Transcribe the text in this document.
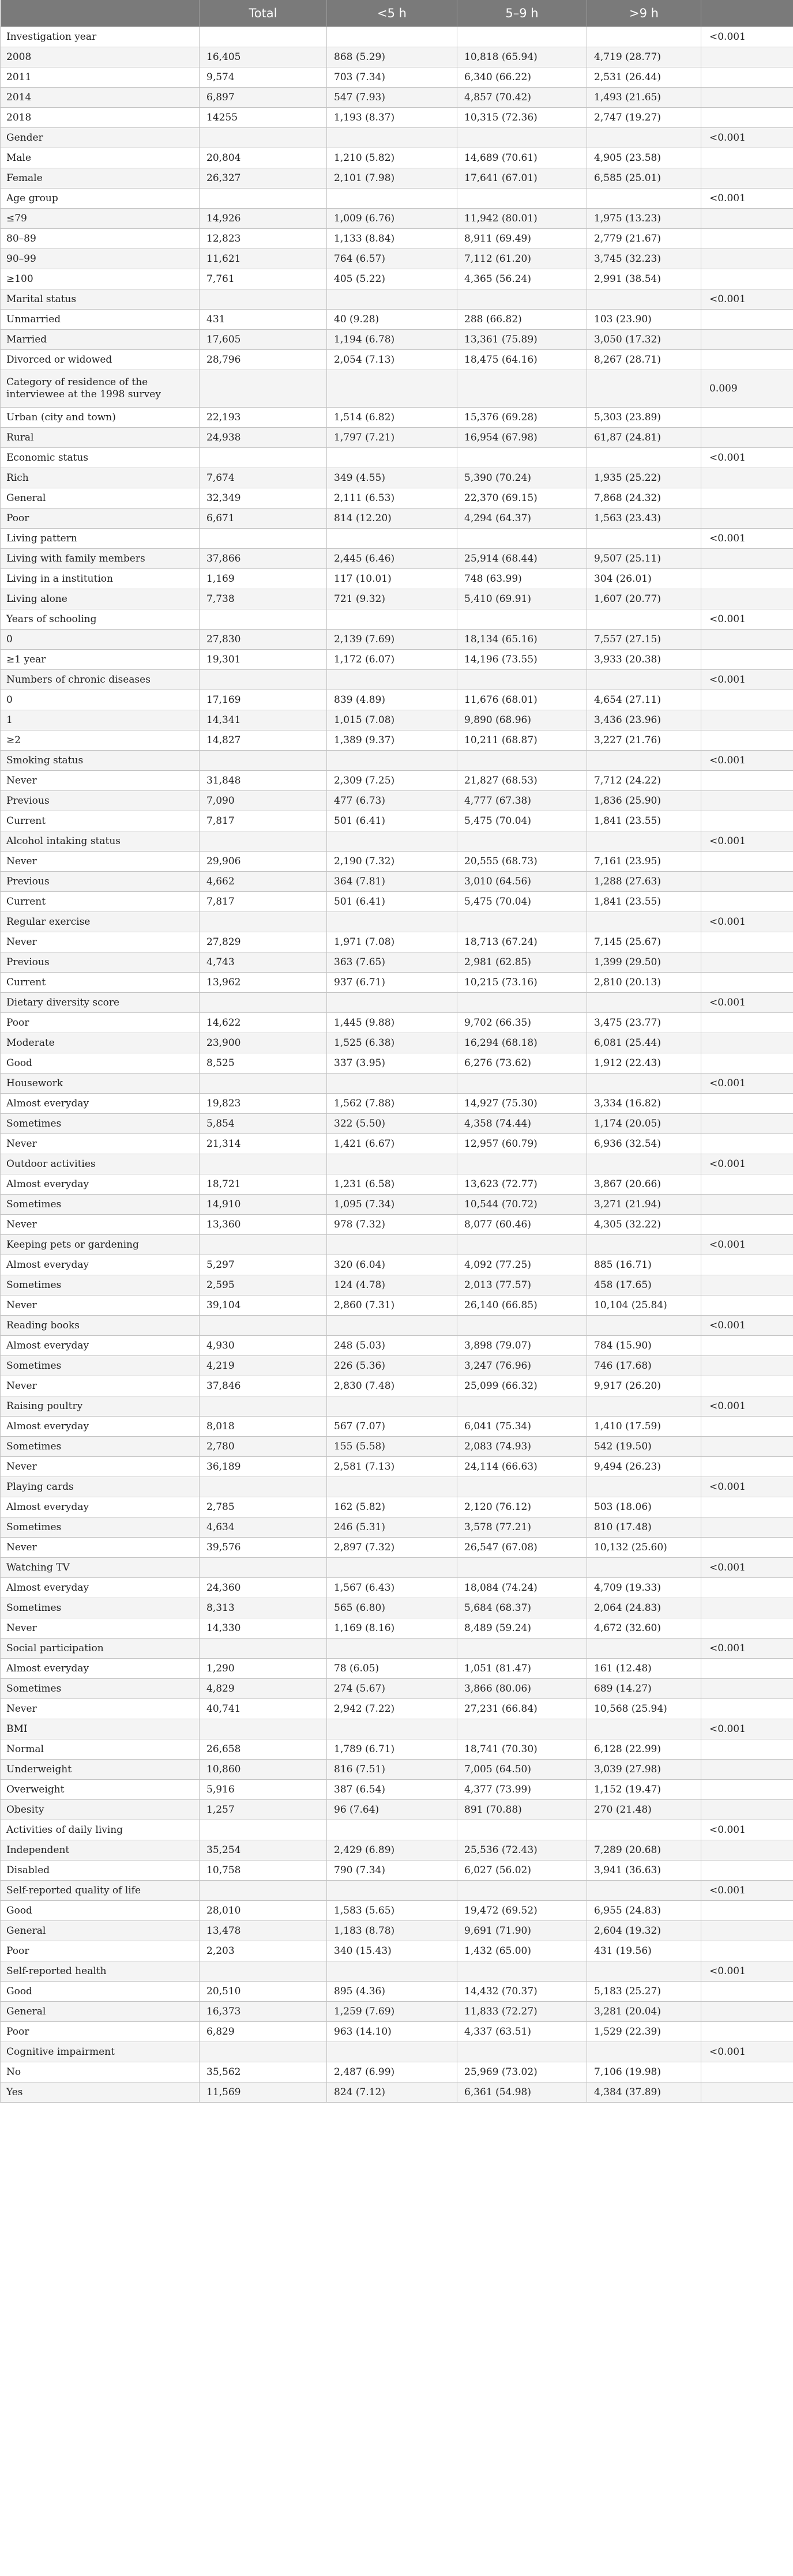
	Total	<5 h	5–9 h	>9 h	
Investigation year					<0.001
2008	16,405	868 (5.29)	10,818 (65.94)	4,719 (28.77)	
2011	9,574	703 (7.34)	6,340 (66.22)	2,531 (26.44)	
2014	6,897	547 (7.93)	4,857 (70.42)	1,493 (21.65)	
2018	14255	1,193 (8.37)	10,315 (72.36)	2,747 (19.27)	
Gender					<0.001
Male	20,804	1,210 (5.82)	14,689 (70.61)	4,905 (23.58)	
Female	26,327	2,101 (7.98)	17,641 (67.01)	6,585 (25.01)	
Age group					<0.001
≤79	14,926	1,009 (6.76)	11,942 (80.01)	1,975 (13.23)	
80–89	12,823	1,133 (8.84)	8,911 (69.49)	2,779 (21.67)	
90–99	11,621	764 (6.57)	7,112 (61.20)	3,745 (32.23)	
≥100	7,761	405 (5.22)	4,365 (56.24)	2,991 (38.54)	
Marital status					<0.001
Unmarried	431	40 (9.28)	288 (66.82)	103 (23.90)	
Married	17,605	1,194 (6.78)	13,361 (75.89)	3,050 (17.32)	
Divorced or widowed	28,796	2,054 (7.13)	18,475 (64.16)	8,267 (28.71)	
Category of residence of the interviewee at the 1998 survey					0.009
Urban (city and town)	22,193	1,514 (6.82)	15,376 (69.28)	5,303 (23.89)	
Rural	24,938	1,797 (7.21)	16,954 (67.98)	61,87 (24.81)	
Economic status					<0.001
Rich	7,674	349 (4.55)	5,390 (70.24)	1,935 (25.22)	
General	32,349	2,111 (6.53)	22,370 (69.15)	7,868 (24.32)	
Poor	6,671	814 (12.20)	4,294 (64.37)	1,563 (23.43)	
Living pattern					<0.001
Living with family members	37,866	2,445 (6.46)	25,914 (68.44)	9,507 (25.11)	
Living in a institution	1,169	117 (10.01)	748 (63.99)	304 (26.01)	
Living alone	7,738	721 (9.32)	5,410 (69.91)	1,607 (20.77)	
Years of schooling					<0.001
0	27,830	2,139 (7.69)	18,134 (65.16)	7,557 (27.15)	
≥1 year	19,301	1,172 (6.07)	14,196 (73.55)	3,933 (20.38)	
Numbers of chronic diseases					<0.001
0	17,169	839 (4.89)	11,676 (68.01)	4,654 (27.11)	
1	14,341	1,015 (7.08)	9,890 (68.96)	3,436 (23.96)	
≥2	14,827	1,389 (9.37)	10,211 (68.87)	3,227 (21.76)	
Smoking status					<0.001
Never	31,848	2,309 (7.25)	21,827 (68.53)	7,712 (24.22)	
Previous	7,090	477 (6.73)	4,777 (67.38)	1,836 (25.90)	
Current	7,817	501 (6.41)	5,475 (70.04)	1,841 (23.55)	
Alcohol intaking status					<0.001
Never	29,906	2,190 (7.32)	20,555 (68.73)	7,161 (23.95)	
Previous	4,662	364 (7.81)	3,010 (64.56)	1,288 (27.63)	
Current	7,817	501 (6.41)	5,475 (70.04)	1,841 (23.55)	
Regular exercise					<0.001
Never	27,829	1,971 (7.08)	18,713 (67.24)	7,145 (25.67)	
Previous	4,743	363 (7.65)	2,981 (62.85)	1,399 (29.50)	
Current	13,962	937 (6.71)	10,215 (73.16)	2,810 (20.13)	
Dietary diversity score					<0.001
Poor	14,622	1,445 (9.88)	9,702 (66.35)	3,475 (23.77)	
Moderate	23,900	1,525 (6.38)	16,294 (68.18)	6,081 (25.44)	
Good	8,525	337 (3.95)	6,276 (73.62)	1,912 (22.43)	
Housework					<0.001
Almost everyday	19,823	1,562 (7.88)	14,927 (75.30)	3,334 (16.82)	
Sometimes	5,854	322 (5.50)	4,358 (74.44)	1,174 (20.05)	
Never	21,314	1,421 (6.67)	12,957 (60.79)	6,936 (32.54)	
Outdoor activities					<0.001
Almost everyday	18,721	1,231 (6.58)	13,623 (72.77)	3,867 (20.66)	
Sometimes	14,910	1,095 (7.34)	10,544 (70.72)	3,271 (21.94)	
Never	13,360	978 (7.32)	8,077 (60.46)	4,305 (32.22)	
Keeping pets or gardening					<0.001
Almost everyday	5,297	320 (6.04)	4,092 (77.25)	885 (16.71)	
Sometimes	2,595	124 (4.78)	2,013 (77.57)	458 (17.65)	
Never	39,104	2,860 (7.31)	26,140 (66.85)	10,104 (25.84)	
Reading books					<0.001
Almost everyday	4,930	248 (5.03)	3,898 (79.07)	784 (15.90)	
Sometimes	4,219	226 (5.36)	3,247 (76.96)	746 (17.68)	
Never	37,846	2,830 (7.48)	25,099 (66.32)	9,917 (26.20)	
Raising poultry					<0.001
Almost everyday	8,018	567 (7.07)	6,041 (75.34)	1,410 (17.59)	
Sometimes	2,780	155 (5.58)	2,083 (74.93)	542 (19.50)	
Never	36,189	2,581 (7.13)	24,114 (66.63)	9,494 (26.23)	
Playing cards					<0.001
Almost everyday	2,785	162 (5.82)	2,120 (76.12)	503 (18.06)	
Sometimes	4,634	246 (5.31)	3,578 (77.21)	810 (17.48)	
Never	39,576	2,897 (7.32)	26,547 (67.08)	10,132 (25.60)	
Watching TV					<0.001
Almost everyday	24,360	1,567 (6.43)	18,084 (74.24)	4,709 (19.33)	
Sometimes	8,313	565 (6.80)	5,684 (68.37)	2,064 (24.83)	
Never	14,330	1,169 (8.16)	8,489 (59.24)	4,672 (32.60)	
Social participation					<0.001
Almost everyday	1,290	78 (6.05)	1,051 (81.47)	161 (12.48)	
Sometimes	4,829	274 (5.67)	3,866 (80.06)	689 (14.27)	
Never	40,741	2,942 (7.22)	27,231 (66.84)	10,568 (25.94)	
BMI					<0.001
Normal	26,658	1,789 (6.71)	18,741 (70.30)	6,128 (22.99)	
Underweight	10,860	816 (7.51)	7,005 (64.50)	3,039 (27.98)	
Overweight	5,916	387 (6.54)	4,377 (73.99)	1,152 (19.47)	
Obesity	1,257	96 (7.64)	891 (70.88)	270 (21.48)	
Activities of daily living					<0.001
Independent	35,254	2,429 (6.89)	25,536 (72.43)	7,289 (20.68)	
Disabled	10,758	790 (7.34)	6,027 (56.02)	3,941 (36.63)	
Self-reported quality of life					<0.001
Good	28,010	1,583 (5.65)	19,472 (69.52)	6,955 (24.83)	
General	13,478	1,183 (8.78)	9,691 (71.90)	2,604 (19.32)	
Poor	2,203	340 (15.43)	1,432 (65.00)	431 (19.56)	
Self-reported health					<0.001
Good	20,510	895 (4.36)	14,432 (70.37)	5,183 (25.27)	
General	16,373	1,259 (7.69)	11,833 (72.27)	3,281 (20.04)	
Poor	6,829	963 (14.10)	4,337 (63.51)	1,529 (22.39)	
Cognitive impairment					<0.001
No	35,562	2,487 (6.99)	25,969 (73.02)	7,106 (19.98)	
Yes	11,569	824 (7.12)	6,361 (54.98)	4,384 (37.89)	
